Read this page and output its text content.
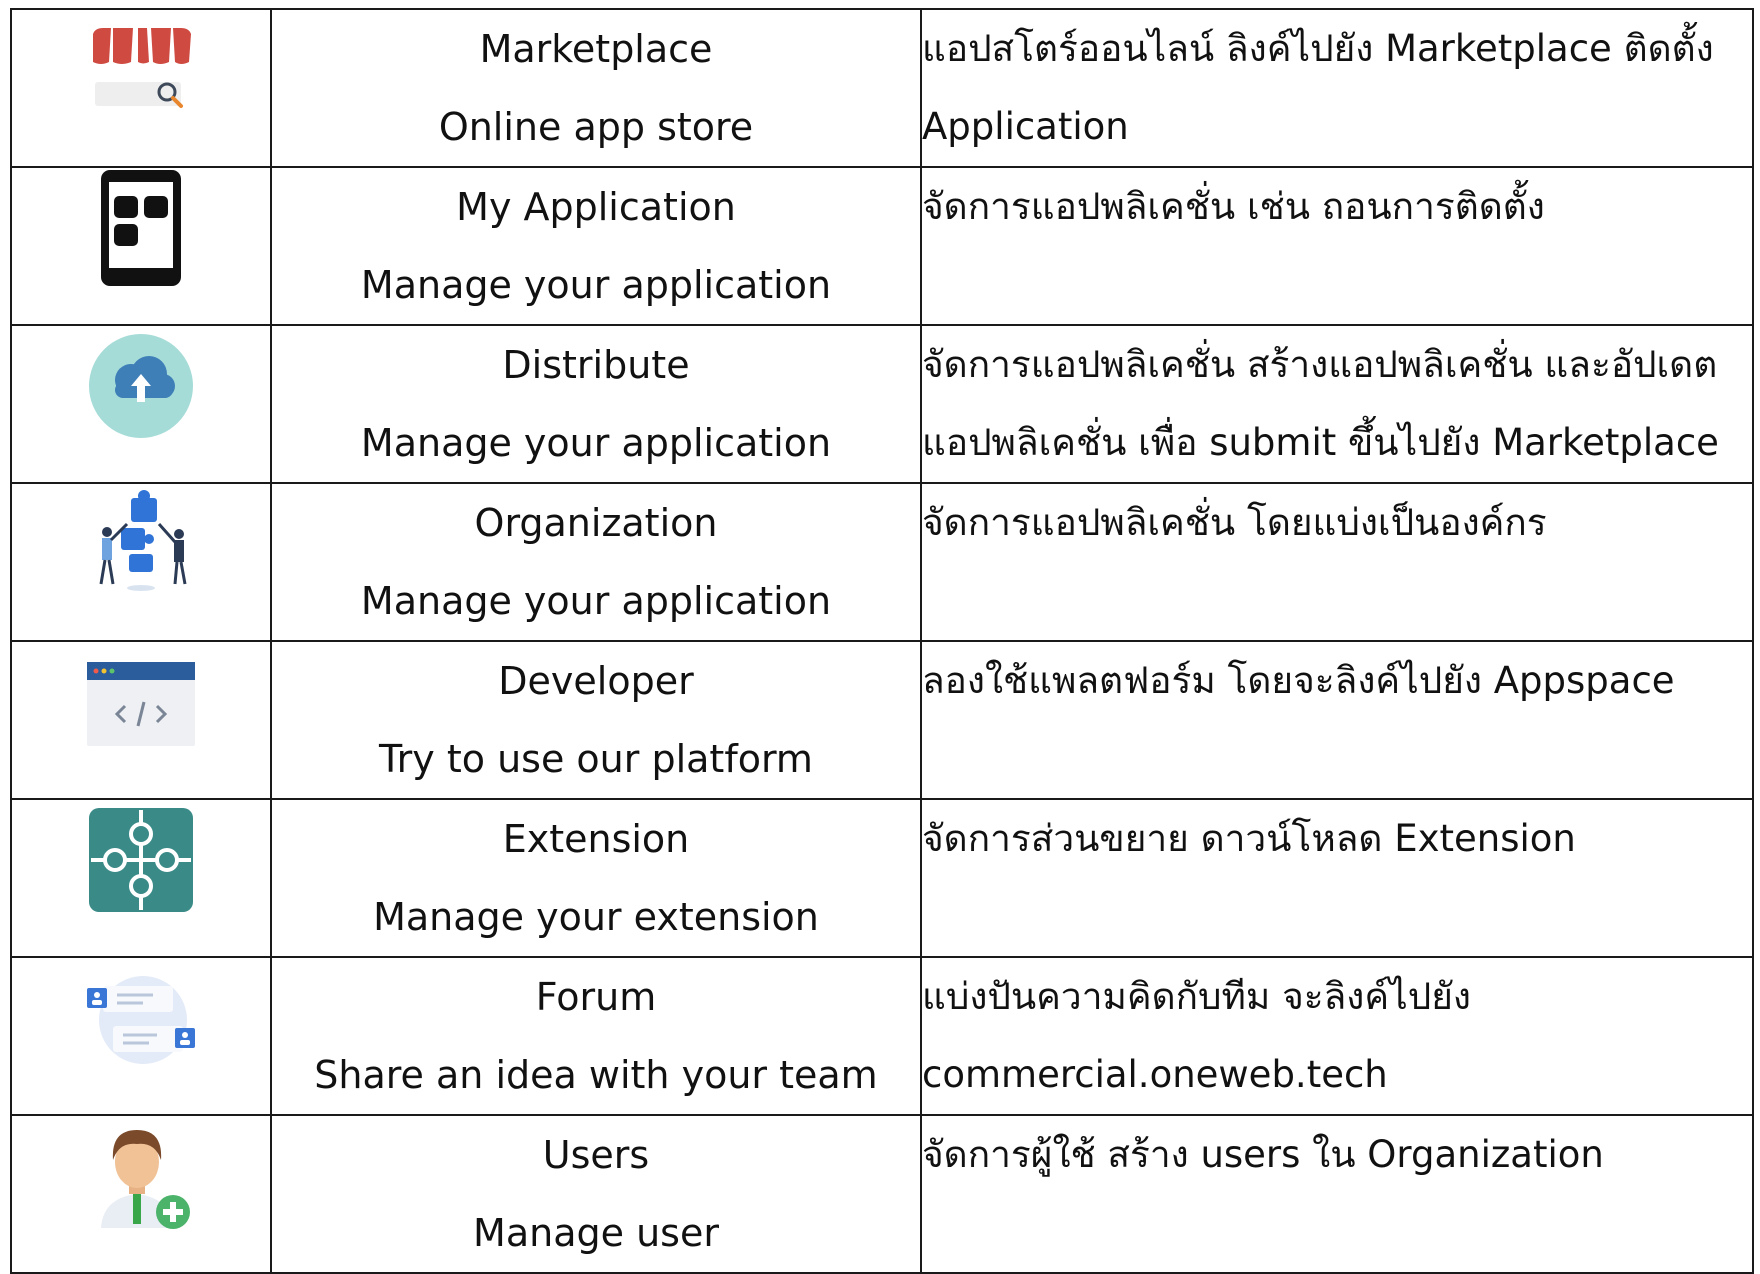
Marketplace
Online app store	แอปสโตร์ออนไลน์ ลิงค์ไปยัง Marketplace ติดตั้ง
Application

My Application
Manage your application	จัดการแอปพลิเคชั่น เช่น ถอนการติดตั้ง

Distribute
Manage your application	จัดการแอปพลิเคชั่น สร้างแอปพลิเคชั่น และอัปเดต
แอปพลิเคชั่น เพื่อ submit ขึ้นไปยัง Marketplace

Organization
Manage your application	จัดการแอปพลิเคชั่น โดยแบ่งเป็นองค์กร

Developer
Try to use our platform	ลองใช้แพลตฟอร์ม โดยจะลิงค์ไปยัง Appspace

Extension
Manage your extension	จัดการส่วนขยาย ดาวน์โหลด Extension

Forum
Share an idea with your team	แบ่งปันความคิดกับทีม จะลิงค์ไปยัง
commercial.oneweb.tech

Users
Manage user	จัดการผู้ใช้ สร้าง users ใน Organization
